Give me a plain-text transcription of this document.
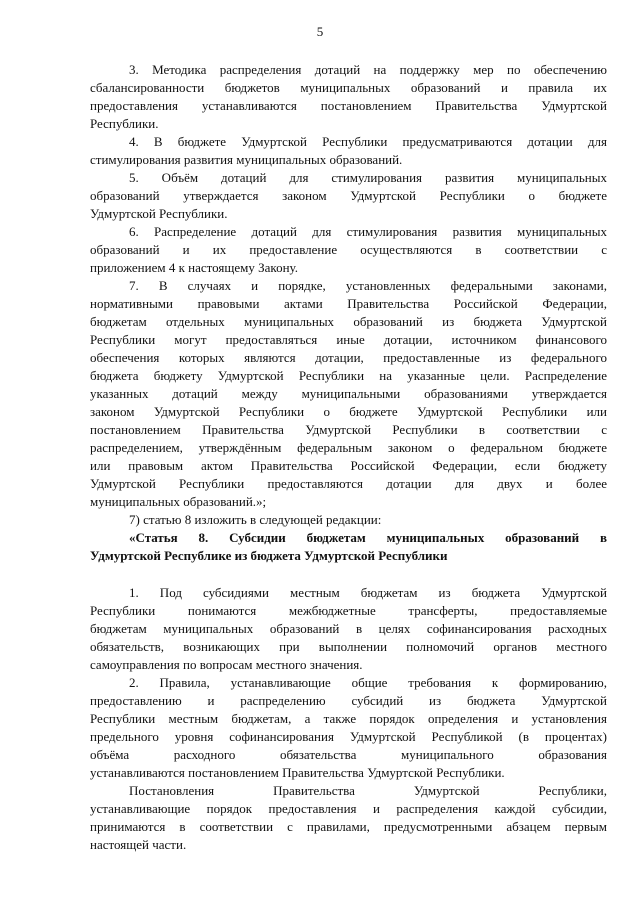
5
3. Методика распределения дотаций на поддержку мер по обеспечению
сбалансированности бюджетов муниципальных образований и правила их
предоставления устанавливаются постановлением Правительства Удмуртской
Республики.
4. В бюджете Удмуртской Республики предусматриваются дотации для
стимулирования развития муниципальных образований.
5. Объём дотаций для стимулирования развития муниципальных
образований утверждается законом Удмуртской Республики о бюджете
Удмуртской Республики.
6. Распределение дотаций для стимулирования развития муниципальных
образований и их предоставление осуществляются в соответствии с
приложением 4 к настоящему Закону.
7. В случаях и порядке, установленных федеральными законами,
нормативными правовыми актами Правительства Российской Федерации,
бюджетам отдельных муниципальных образований из бюджета Удмуртской
Республики могут предоставляться иные дотации, источником финансового
обеспечения которых являются дотации, предоставленные из федерального
бюджета бюджету Удмуртской Республики на указанные цели. Распределение
указанных дотаций между муниципальными образованиями утверждается
законом Удмуртской Республики о бюджете Удмуртской Республики или
постановлением Правительства Удмуртской Республики в соответствии с
распределением, утверждённым федеральным законом о федеральном бюджете
или правовым актом Правительства Российской Федерации, если бюджету
Удмуртской Республики предоставляются дотации для двух и более
муниципальных образований.»;
7) статью 8 изложить в следующей редакции:
«Статья 8. Субсидии бюджетам муниципальных образований в
Удмуртской Республике из бюджета Удмуртской Республики
1. Под субсидиями местным бюджетам из бюджета Удмуртской
Республики понимаются межбюджетные трансферты, предоставляемые
бюджетам муниципальных образований в целях софинансирования расходных
обязательств, возникающих при выполнении полномочий органов местного
самоуправления по вопросам местного значения.
2. Правила, устанавливающие общие требования к формированию,
предоставлению и распределению субсидий из бюджета Удмуртской
Республики местным бюджетам, а также порядок определения и установления
предельного уровня софинансирования Удмуртской Республикой (в процентах)
объёма расходного обязательства муниципального образования
устанавливаются постановлением Правительства Удмуртской Республики.
Постановления Правительства Удмуртской Республики,
устанавливающие порядок предоставления и распределения каждой субсидии,
принимаются в соответствии с правилами, предусмотренными абзацем первым
настоящей части.
